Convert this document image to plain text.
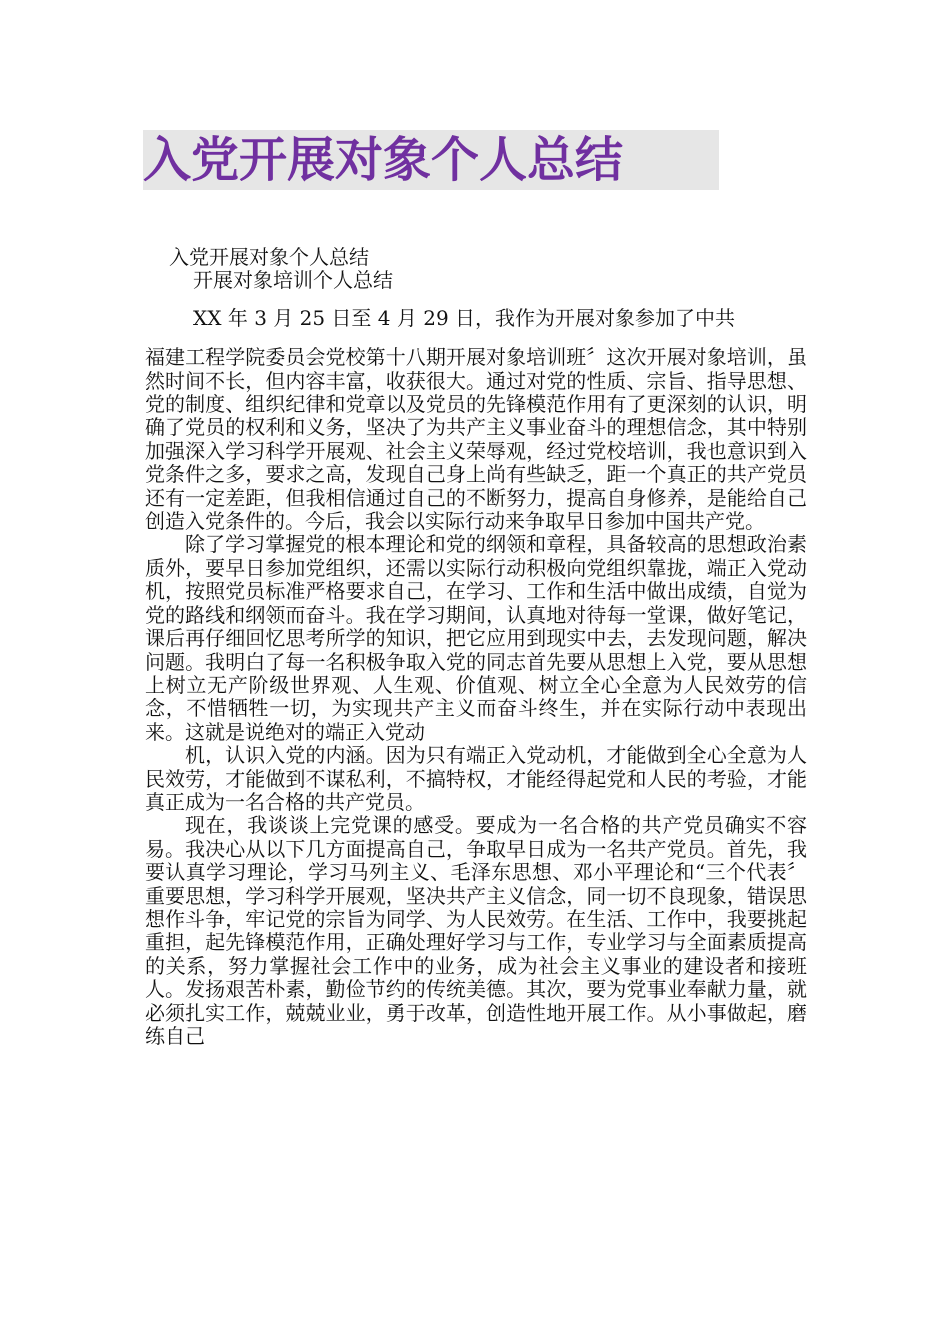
入党开展对象个人总结

入党开展对象个人总结

开展对象培训个人总结

XX 年 3 月 25 日至 4 月 29 日，我作为开展对象参加了中共

福建工程学院委员会党校第十八期开展对象培训班〞这次开展对象培训，虽然时间不长，但内容丰富，收获很大。通过对党的性质、宗旨、指导思想、党的制度、组织纪律和党章以及党员的先锋模范作用有了更深刻的认识，明确了党员的权利和义务，坚决了为共产主义事业奋斗的理想信念，其中特别加强深入学习科学开展观、社会主义荣辱观，经过党校培训，我也意识到入党条件之多，要求之高，发现自己身上尚有些缺乏，距一个真正的共产党员还有一定差距，但我相信通过自己的不断努力，提高自身修养，是能给自己创造入党条件的。今后，我会以实际行动来争取早日参加中国共产党。

除了学习掌握党的根本理论和党的纲领和章程，具备较高的思想政治素质外，要早日参加党组织，还需以实际行动积极向党组织靠拢，端正入党动机，按照党员标准严格要求自己，在学习、工作和生活中做出成绩，自觉为党的路线和纲领而奋斗。我在学习期间，认真地对待每一堂课，做好笔记，课后再仔细回忆思考所学的知识，把它应用到现实中去，去发现问题，解决问题。我明白了每一名积极争取入党的同志首先要从思想上入党，要从思想上树立无产阶级世界观、人生观、价值观、树立全心全意为人民效劳的信念，不惜牺牲一切，为实现共产主义而奋斗终生，并在实际行动中表现出来。这就是说绝对的端正入党动

机，认识入党的内涵。因为只有端正入党动机，才能做到全心全意为人民效劳，才能做到不谋私利，不搞特权，才能经得起党和人民的考验，才能真正成为一名合格的共产党员。

现在，我谈谈上完党课的感受。要成为一名合格的共产党员确实不容易。我决心从以下几方面提高自己，争取早日成为一名共产党员。首先，我要认真学习理论，学习马列主义、毛泽东思想、邓小平理论和“三个代表〞重要思想，学习科学开展观，坚决共产主义信念，同一切不良现象，错误思想作斗争，牢记党的宗旨为同学、为人民效劳。在生活、工作中，我要挑起重担，起先锋模范作用，正确处理好学习与工作，专业学习与全面素质提高的关系，努力掌握社会工作中的业务，成为社会主义事业的建设者和接班人。发扬艰苦朴素，勤俭节约的传统美德。其次，要为党事业奉献力量，就必须扎实工作，兢兢业业，勇于改革，创造性地开展工作。从小事做起，磨练自己
